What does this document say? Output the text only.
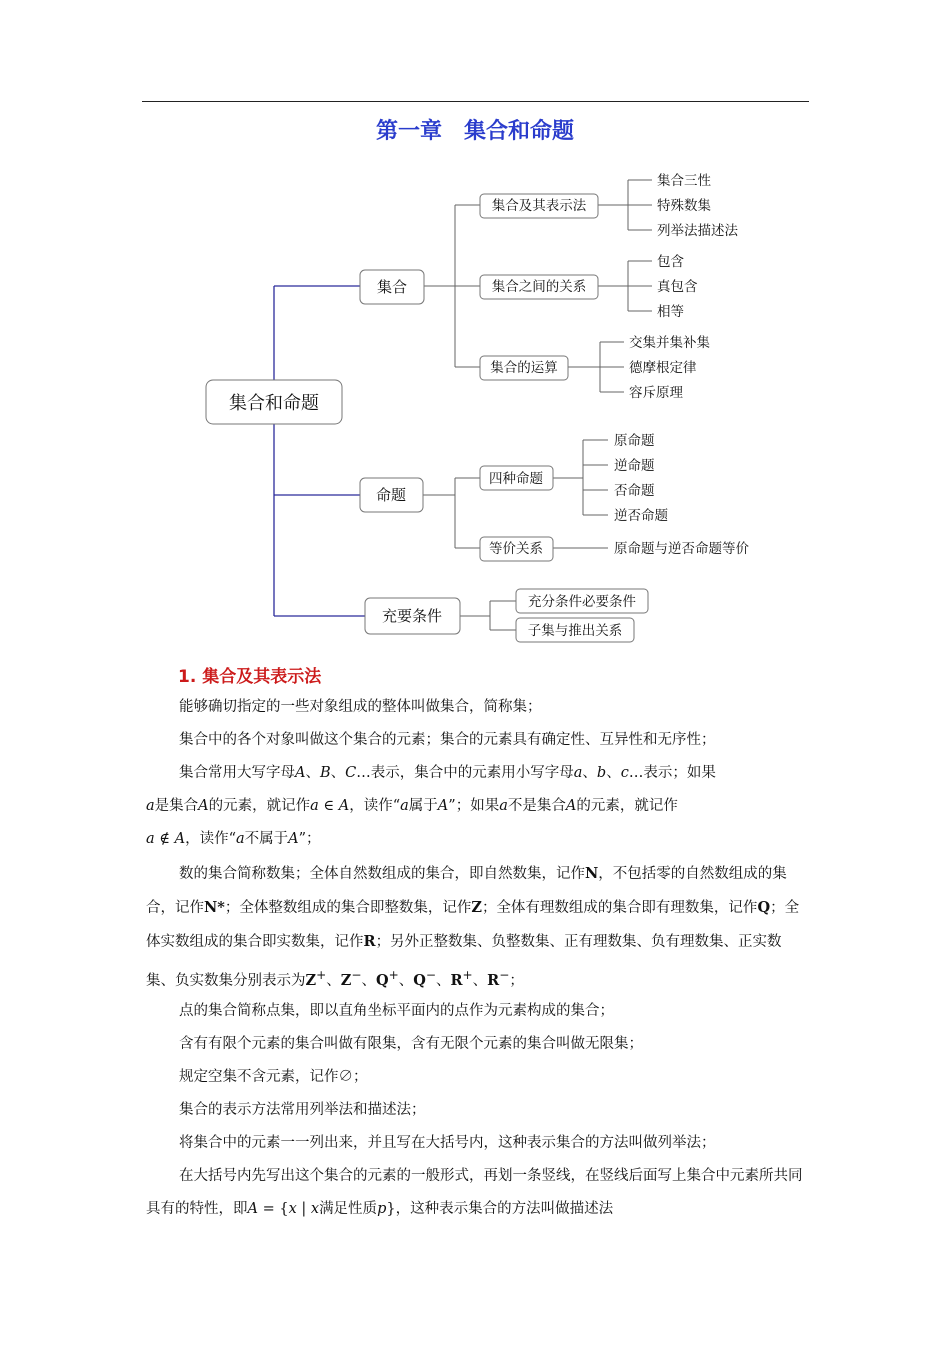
第一章　集合和命题
集合和命题
集合
命题
充要条件
集合及其表示法
集合之间的关系
集合的运算
四种命题
等价关系
充分条件必要条件
子集与推出关系
集合三性
特殊数集
列举法描述法
包含
真包含
相等
交集并集补集
德摩根定律
容斥原理
原命题
逆命题
否命题
逆否命题
原命题与逆否命题等价
1. 集合及其表示法

能够确切指定的一些对象组成的整体叫做集合，简称集；

集合中的各个对象叫做这个集合的元素；集合的元素具有确定性、互异性和无序性；

集合常用大写字母A、B、C…表示，集合中的元素用小写字母a、b、c…表示；如果

a是集合A的元素，就记作a ∈ A，读作“a属于A”；如果a不是集合A的元素，就记作

a ∉ A，读作“a不属于A”；

数的集合简称数集；全体自然数组成的集合，即自然数集，记作N，不包括零的自然数组成的集合，记作N*；全体整数组成的集合即整数集，记作Z；全体有理数组成的集合即有理数集，记作Q；全体实数组成的集合即实数集，记作R；另外正整数集、负整数集、正有理数集、负有理数集、正实数集、负实数集分别表示为Z+、Z−、Q+、Q−、R+、R−；

点的集合简称点集，即以直角坐标平面内的点作为元素构成的集合；

含有有限个元素的集合叫做有限集，含有无限个元素的集合叫做无限集；

规定空集不含元素，记作∅；

集合的表示方法常用列举法和描述法；

将集合中的元素一一列出来，并且写在大括号内，这种表示集合的方法叫做列举法；

在大括号内先写出这个集合的元素的一般形式，再划一条竖线，在竖线后面写上集合中元素所共同具有的特性，即A = {x | x满足性质p}，这种表示集合的方法叫做描述法
